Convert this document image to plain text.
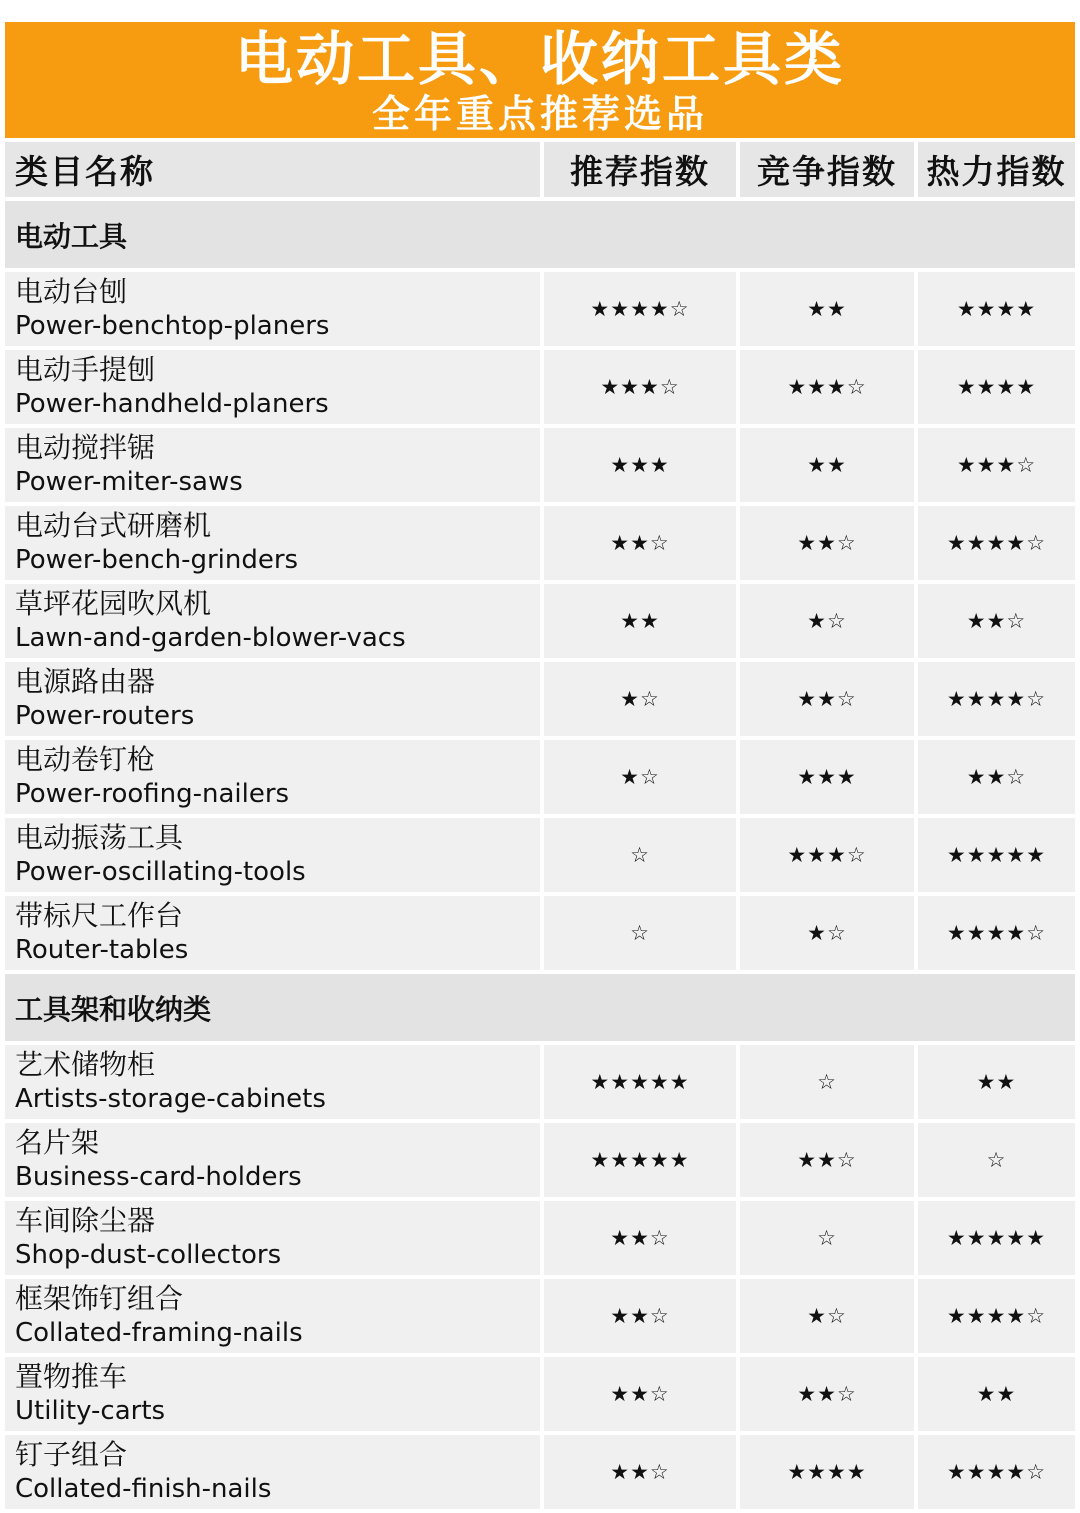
电动工具、收纳工具类
全年重点推荐选品
类目名称	推荐指数 竞争指数 热力指数
电动工具
电动台刨
Power-benchtop-planers
★★★★☆	★★	★★★★
电动手提刨
Power-handheld-planers
★★★☆	★★★☆	★★★★
电动搅拌锯
Power-miter-saws
★★★	★★	★★★☆
电动台式研磨机
Power-bench-grinders
★★☆	★★☆	★★★★☆
草坪花园吹风机
Lawn-and-garden-blower-vacs
★★	★☆	★★☆
电源路由器
Power-routers
★☆	★★☆	★★★★☆
电动卷钉枪
Power-roofing-nailers
★☆	★★★	★★☆
电动振荡工具
Power-oscillating-tools
☆	★★★☆	★★★★★
带标尺工作台
Router-tables
☆	★☆	★★★★☆
工具架和收纳类
艺术储物柜
Artists-storage-cabinets
★★★★★	☆	★★
名片架
Business-card-holders
★★★★★	★★☆	☆
车间除尘器
Shop-dust-collectors
★★☆	☆	★★★★★
框架饰钉组合
Collated-framing-nails
★★☆	★☆	★★★★☆
置物推车
Utility-carts
★★☆	★★☆	★★
钉子组合
Collated-finish-nails
★★☆	★★★★	★★★★☆
